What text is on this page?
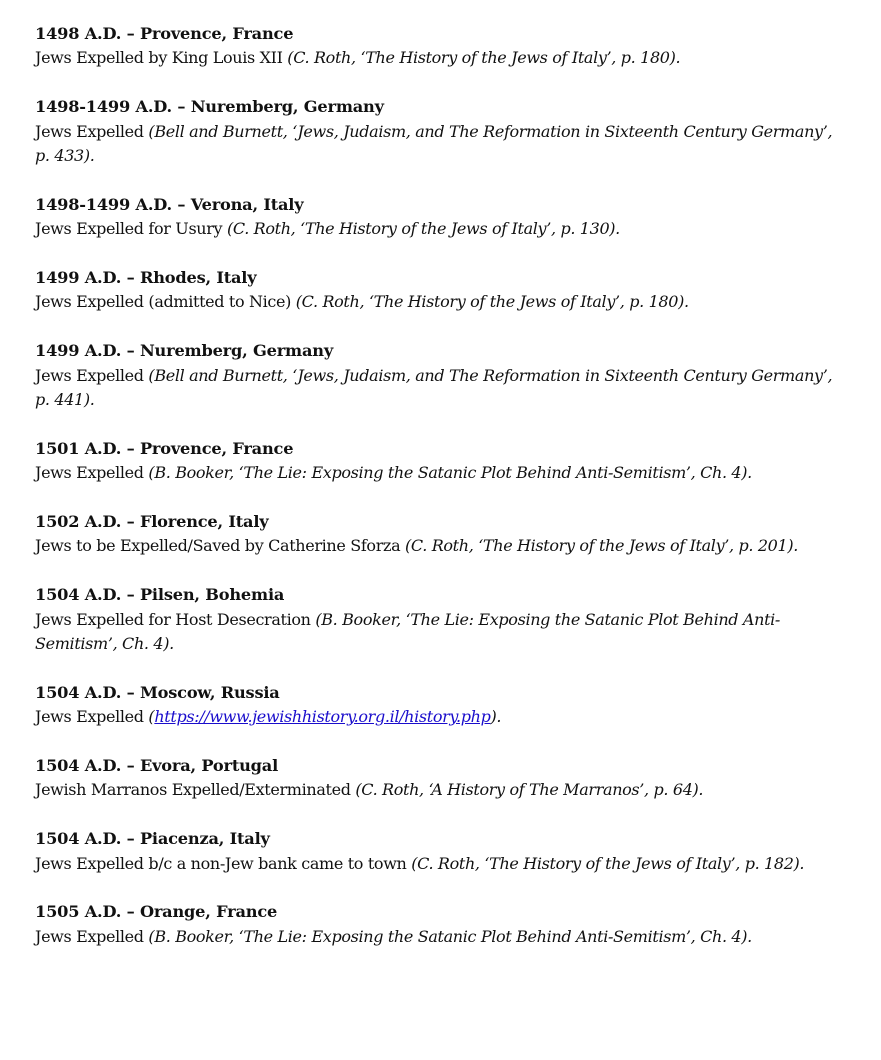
1498 A.D. – Provence, France
Jews Expelled by King Louis XII (C. Roth, ‘The History of the Jews of Italy’, p. 180).
1498-1499 A.D. – Nuremberg, Germany
Jews Expelled (Bell and Burnett, ‘Jews, Judaism, and The Reformation in Sixteenth Century Germany’, p. 433).
1498-1499 A.D. – Verona, Italy
Jews Expelled for Usury (C. Roth, ‘The History of the Jews of Italy’, p. 130).
1499 A.D. – Rhodes, Italy
Jews Expelled (admitted to Nice) (C. Roth, ‘The History of the Jews of Italy’, p. 180).
1499 A.D. – Nuremberg, Germany
Jews Expelled (Bell and Burnett, ‘Jews, Judaism, and The Reformation in Sixteenth Century Germany’, p. 441).
1501 A.D. – Provence, France
Jews Expelled (B. Booker, ‘The Lie: Exposing the Satanic Plot Behind Anti-Semitism’, Ch. 4).
1502 A.D. – Florence, Italy
Jews to be Expelled/Saved by Catherine Sforza (C. Roth, ‘The History of the Jews of Italy’, p. 201).
1504 A.D. – Pilsen, Bohemia
Jews Expelled for Host Desecration (B. Booker, ‘The Lie: Exposing the Satanic Plot Behind Anti-Semitism’, Ch. 4).
1504 A.D. – Moscow, Russia
Jews Expelled (https://www.jewishhistory.org.il/history.php).
1504 A.D. – Evora, Portugal
Jewish Marranos Expelled/Exterminated (C. Roth, ‘A History of The Marranos’, p. 64).
1504 A.D. – Piacenza, Italy
Jews Expelled b/c a non-Jew bank came to town (C. Roth, ‘The History of the Jews of Italy’, p. 182).
1505 A.D. – Orange, France
Jews Expelled (B. Booker, ‘The Lie: Exposing the Satanic Plot Behind Anti-Semitism’, Ch. 4).
